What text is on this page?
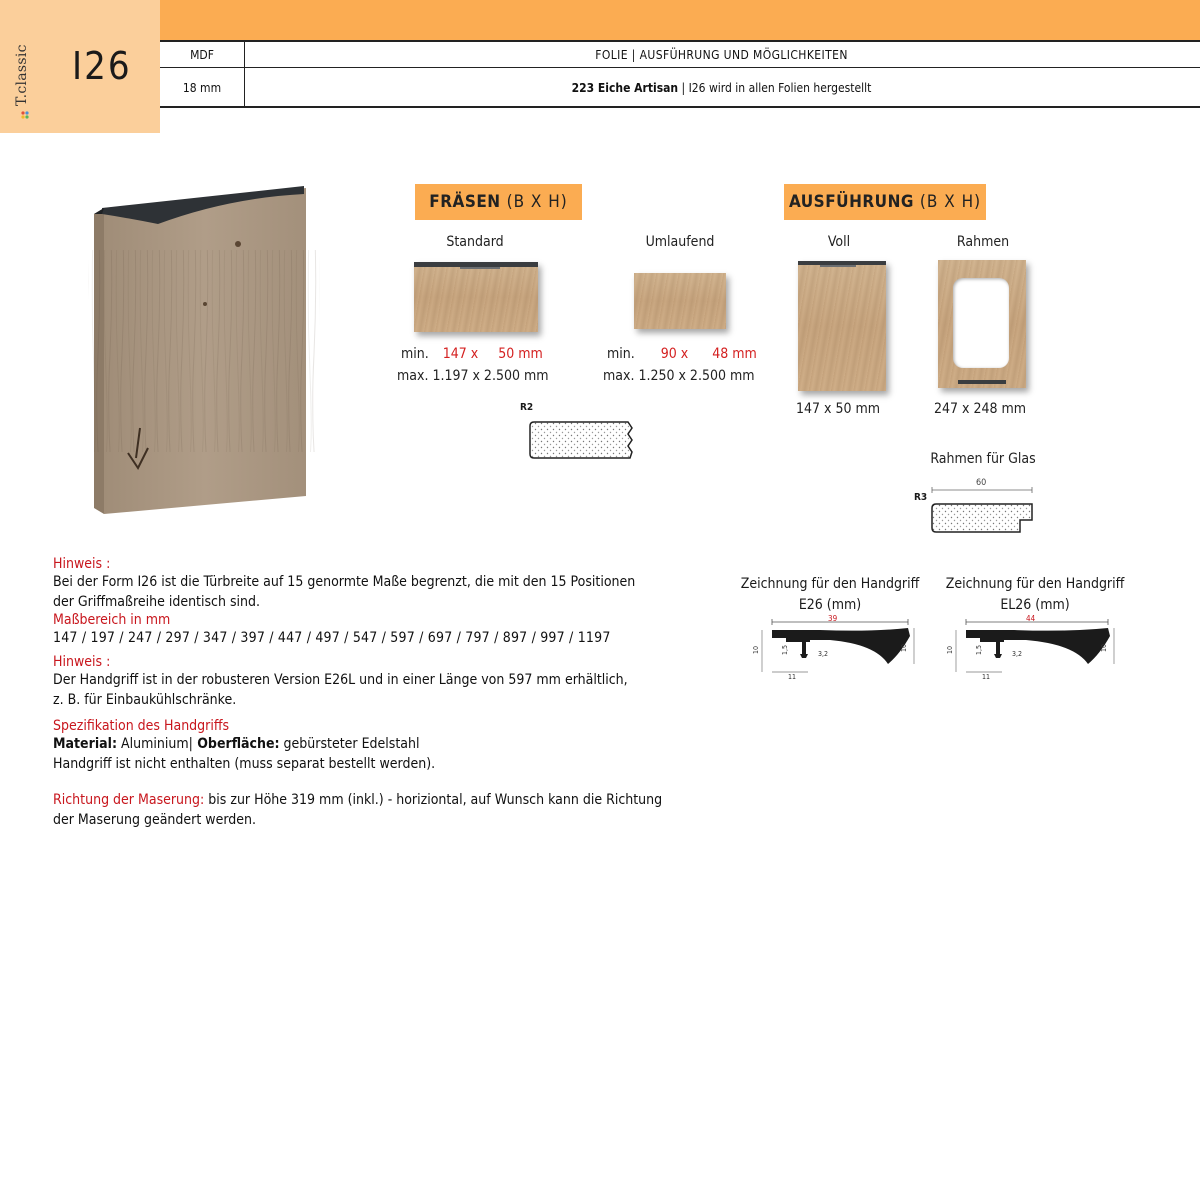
T.classic I26	MDF	FOLIE | AUSFÜHRUNG UND MÖGLICHKEITEN
18 mm	223 Eiche Artisan | I26 wird in allen Folien hergestellt
FRÄSEN (B X H)
Standard
min. 147 x 50 mm
max. 1.197 x 2.500 mm
Umlaufend
min. 90 x 48 mm
max. 1.250 x 2.500 mm
R2
AUSFÜHRUNG (B X H)
Voll
147 x 50 mm
Rahmen
247 x 248 mm
Rahmen für Glas
R3
60
Hinweis :
Bei der Form I26 ist die Türbreite auf 15 genormte Maße begrenzt, die mit den 15 Positionen
der Griffmaßreihe identisch sind.
Maßbereich in mm
147 / 197 / 247 / 297 / 347 / 397 / 447 / 497 / 547 / 597 / 697 / 797 / 897 / 997 / 1197
Hinweis :
Der Handgriff ist in der robusteren Version E26L und in einer Länge von 597 mm erhältlich,
z. B. für Einbaukühlschränke.
Spezifikation des Handgriffs
Material: Aluminium| Oberfläche: gebürsteter Edelstahl
Handgriff ist nicht enthalten (muss separat bestellt werden).
Richtung der Maserung: bis zur Höhe 319 mm (inkl.) - horiziontal, auf Wunsch kann die Richtung
der Maserung geändert werden.
Zeichnung für den Handgriff
E26 (mm)
Zeichnung für den Handgriff
EL26 (mm)
39
10	10
1,5	3,2
11
44
10	10
1,5	3,2
11
